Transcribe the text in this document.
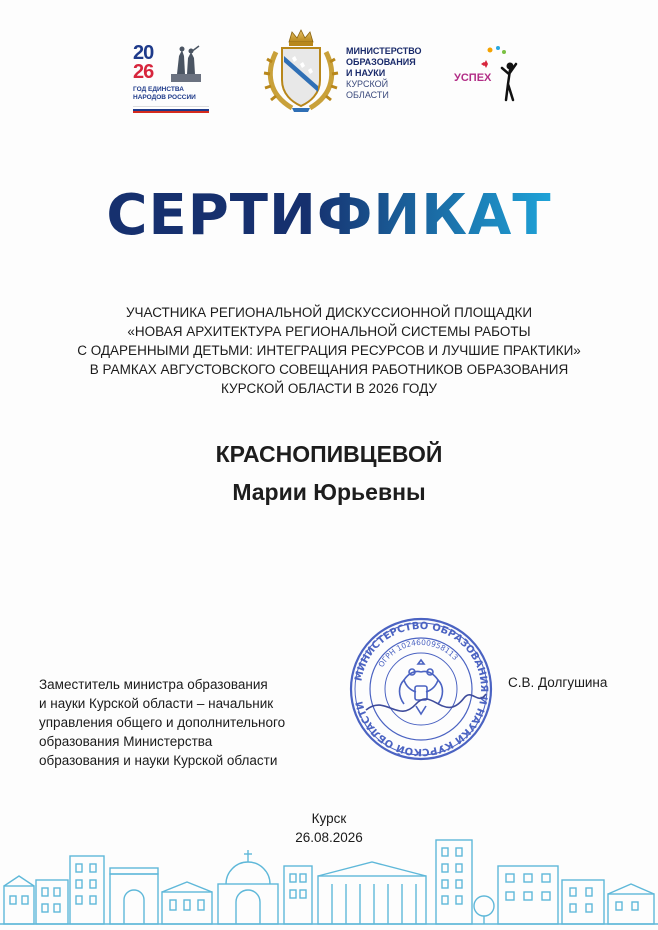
20
26
ГОД ЕДИНСТВА
НАРОДОВ РОССИИ
МИНИСТЕРСТВО
ОБРАЗОВАНИЯ
И НАУКИ
КУРСКОЙ
ОБЛАСТИ
УСПЕХ
СЕРТИФИКАТ
УЧАСТНИКА РЕГИОНАЛЬНОЙ ДИСКУССИОННОЙ ПЛОЩАДКИ
«НОВАЯ АРХИТЕКТУРА РЕГИОНАЛЬНОЙ СИСТЕМЫ РАБОТЫ
С ОДАРЕННЫМИ ДЕТЬМИ: ИНТЕГРАЦИЯ РЕСУРСОВ И ЛУЧШИЕ ПРАКТИКИ»
В РАМКАХ АВГУСТОВСКОГО СОВЕЩАНИЯ РАБОТНИКОВ ОБРАЗОВАНИЯ
КУРСКОЙ ОБЛАСТИ В 2026 ГОДУ
КРАСНОПИВЦЕВОЙ
Марии Юрьевны
МИНИСТЕРСТВО ОБРАЗОВАНИЯ И НАУКИ КУРСКОЙ ОБЛАСТИ
ОГРН 1024600958113
Заместитель министра образования
и науки Курской области – начальник
управления общего и дополнительного
образования Министерства
образования и науки Курской области
С.В. Долгушина
Курск
26.08.2026
